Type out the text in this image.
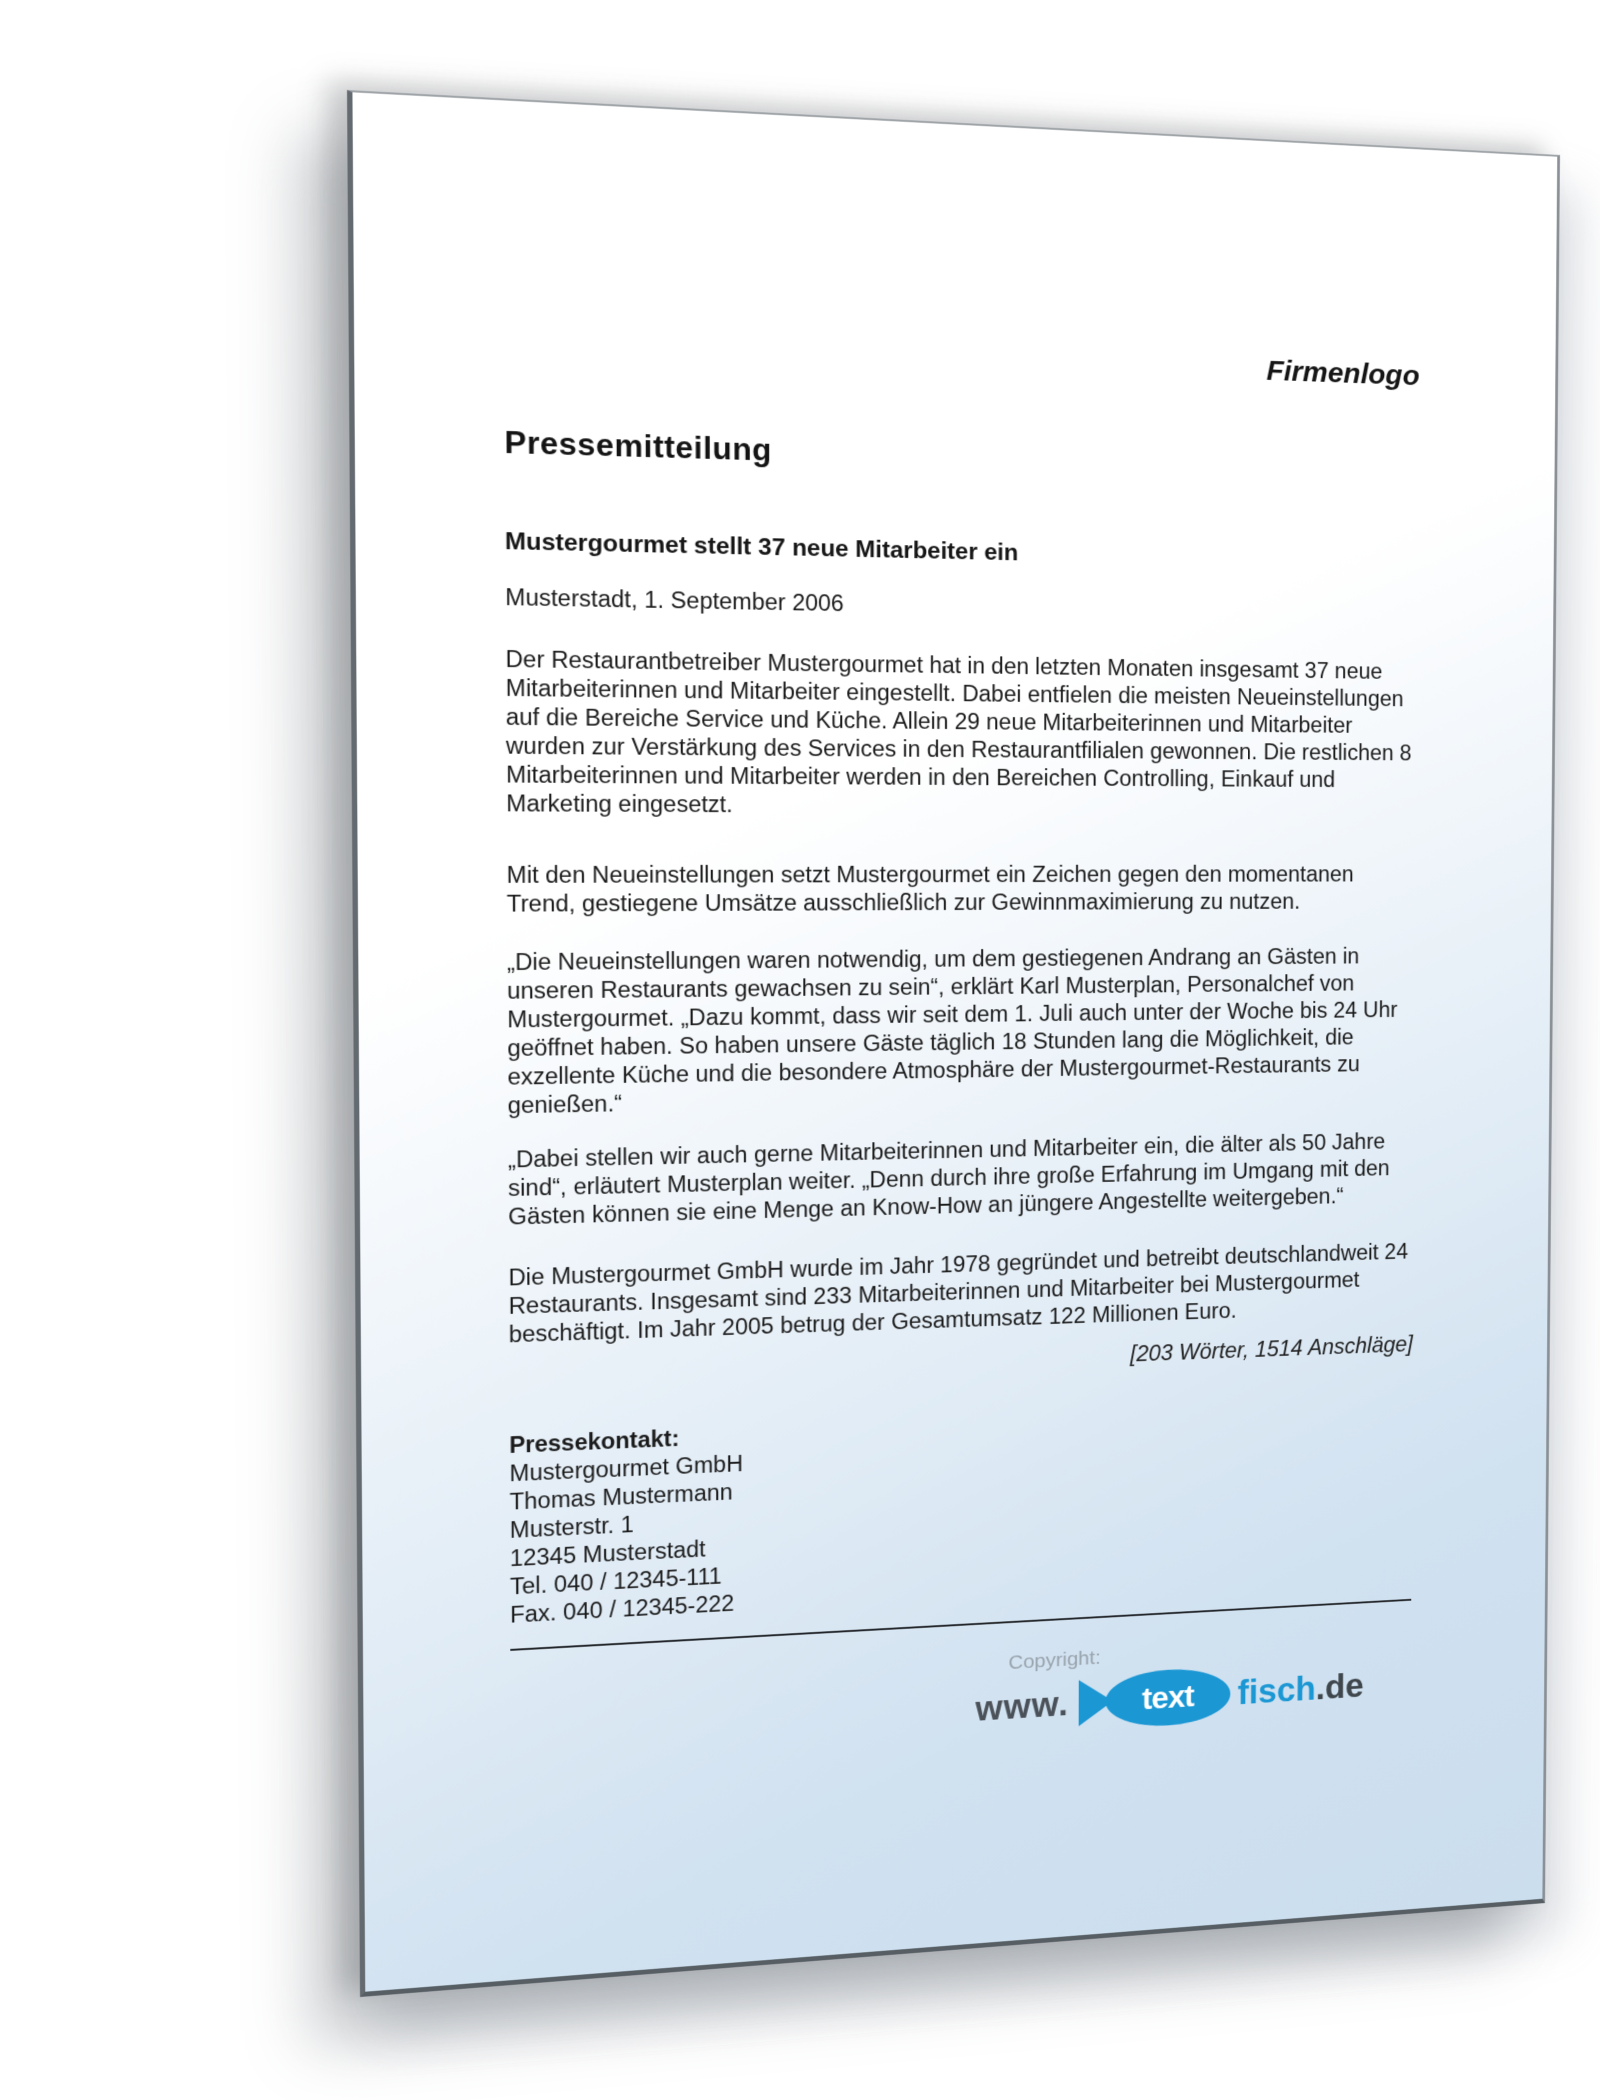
Firmenlogo
Pressemitteilung
Mustergourmet stellt 37 neue Mitarbeiter ein
Musterstadt, 1. September 2006

Der Restaurantbetreiber Mustergourmet hat in den letzten Monaten insgesamt 37 neue Mitarbeiterinnen und Mitarbeiter eingestellt. Dabei entfielen die meisten Neueinstellungen auf die Bereiche Service und Küche. Allein 29 neue Mitarbeiterinnen und Mitarbeiter wurden zur Verstärkung des Services in den Restaurantfilialen gewonnen. Die restlichen 8 Mitarbeiterinnen und Mitarbeiter werden in den Bereichen Controlling, Einkauf und Marketing eingesetzt.

Mit den Neueinstellungen setzt Mustergourmet ein Zeichen gegen den momentanen Trend, gestiegene Umsätze ausschließlich zur Gewinnmaximierung zu nutzen.

„Die Neueinstellungen waren notwendig, um dem gestiegenen Andrang an Gästen in unseren Restaurants gewachsen zu sein“, erklärt Karl Musterplan, Personalchef von Mustergourmet. „Dazu kommt, dass wir seit dem 1. Juli auch unter der Woche bis 24 Uhr geöffnet haben. So haben unsere Gäste täglich 18 Stunden lang die Möglichkeit, die exzellente Küche und die besondere Atmosphäre der Mustergourmet-Restaurants zu genießen.“

„Dabei stellen wir auch gerne Mitarbeiterinnen und Mitarbeiter ein, die älter als 50 Jahre sind“, erläutert Musterplan weiter. „Denn durch ihre große Erfahrung im Umgang mit den Gästen können sie eine Menge an Know-How an jüngere Angestellte weitergeben.“

Die Mustergourmet GmbH wurde im Jahr 1978 gegründet und betreibt deutschlandweit 24 Restaurants. Insgesamt sind 233 Mitarbeiterinnen und Mitarbeiter bei Mustergourmet beschäftigt. Im Jahr 2005 betrug der Gesamtumsatz 122 Millionen Euro.

[203 Wörter, 1514 Anschläge]
Pressekontakt:
Mustergourmet GmbH
Thomas Mustermann
Musterstr. 1
12345 Musterstadt
Tel. 040 / 12345-111
Fax. 040 / 12345-222
Copyright:
www. text fisch .de
